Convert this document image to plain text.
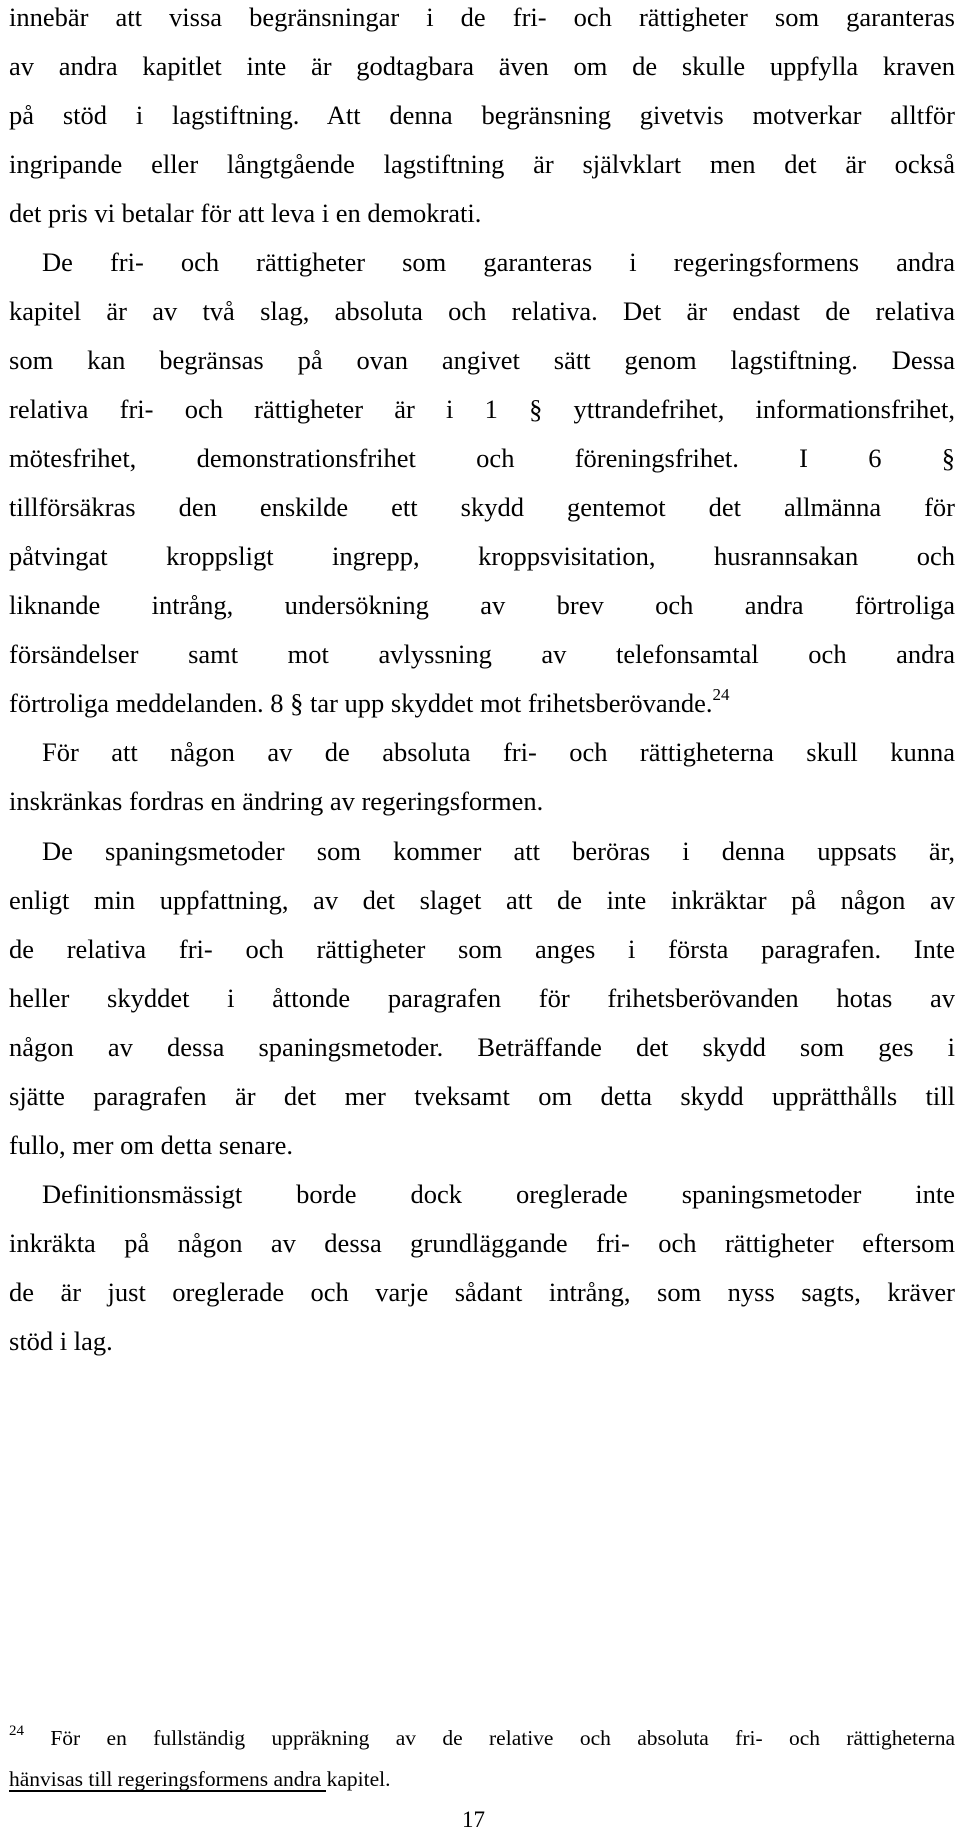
innebär att vissa begränsningar i de fri- och rättigheter som garanteras
av andra kapitlet inte är godtagbara även om de skulle uppfylla kraven
på stöd i lagstiftning. Att denna begränsning givetvis motverkar alltför
ingripande eller långtgående lagstiftning är självklart men det är också
det pris vi betalar för att leva i en demokrati.
De fri- och rättigheter som garanteras i regeringsformens andra
kapitel är av två slag, absoluta och relativa. Det är endast de relativa
som kan begränsas på ovan angivet sätt genom lagstiftning. Dessa
relativa fri- och rättigheter är i 1 § yttrandefrihet, informationsfrihet,
mötesfrihet, demonstrationsfrihet och föreningsfrihet. I 6 §
tillförsäkras den enskilde ett skydd gentemot det allmänna för
påtvingat kroppsligt ingrepp, kroppsvisitation, husrannsakan och
liknande intrång, undersökning av brev och andra förtroliga
försändelser samt mot avlyssning av telefonsamtal och andra
förtroliga meddelanden. 8 § tar upp skyddet mot frihetsberövande.$^{24}$
För att någon av de absoluta fri- och rättigheterna skull kunna
inskränkas fordras en ändring av regeringsformen.
De spaningsmetoder som kommer att beröras i denna uppsats är,
enligt min uppfattning, av det slaget att de inte inkräktar på någon av
de relativa fri- och rättigheter som anges i första paragrafen. Inte
heller skyddet i åttonde paragrafen för frihetsberövanden hotas av
någon av dessa spaningsmetoder. Beträffande det skydd som ges i
sjätte paragrafen är det mer tveksamt om detta skydd upprätthålls till
fullo, mer om detta senare.
Definitionsmässigt borde dock oreglerade spaningsmetoder inte
inkräkta på någon av dessa grundläggande fri- och rättigheter eftersom
de är just oreglerade och varje sådant intrång, som nyss sagts, kräver
stöd i lag.
$^{24}$ För en fullständig uppräkning av de relative och absoluta fri- och rättigheterna
hänvisas till regeringsformens andra kapitel.
17
